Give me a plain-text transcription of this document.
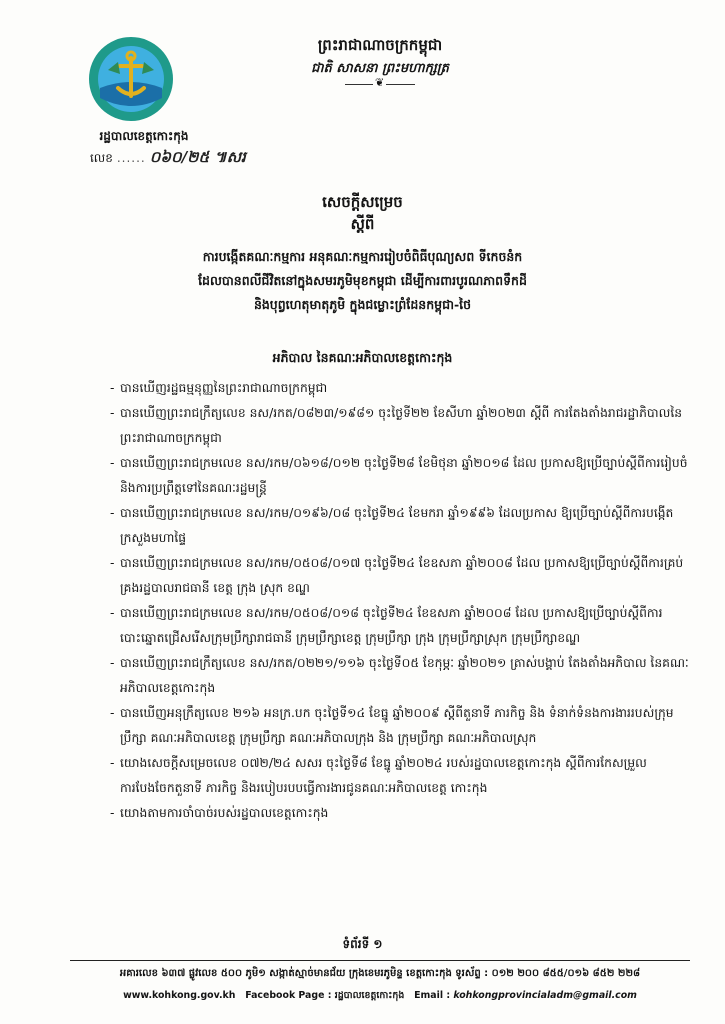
រដ្ឋបាលខេត្តកោះកុង
លេខ ...... ០៦០/២៥ ៕សរ
ព្រះរាជាណាចក្រកម្ពុជា
ជាតិ សាសនា ព្រះមហាក្សត្រ
❦
សេចក្តីសម្រេច
ស្តីពី
ការបង្កើតគណៈកម្មការ អនុគណៈកម្មការរៀបចំពិធីបុណ្យសព ទីកេចនំក
ដែលបានពលីជីវិតនៅក្នុងសមរភូមិមុខកម្ពុជា ដើម្បីការពារបូរណភាពទឹកដី
និងបុព្វហេតុមាតុភូមិ ក្នុងជម្លោះព្រំដែនកម្ពុជា-ថៃ
អភិបាល នៃគណៈអភិបាលខេត្តកោះកុង
- បានឃើញរដ្ឋធម្មនុញ្ញនៃព្រះរាជាណាចក្រកម្ពុជា
- បានឃើញព្រះរាជក្រឹត្យលេខ នស/រកត/០៨២៣/១៩៨១ ចុះថ្ងៃទី២២ ខែសីហា ឆ្នាំ២០២៣ ស្តីពី ការតែងតាំងរាជរដ្ឋាភិបាលនៃព្រះរាជាណាចក្រកម្ពុជា
- បានឃើញព្រះរាជក្រមលេខ នស/រកម/០៦១៨/០១២ ចុះថ្ងៃទី២៨ ខែមិថុនា ឆ្នាំ២០១៨ ដែល ប្រកាសឱ្យប្រើច្បាប់ស្តីពីការរៀបចំ និងការប្រព្រឹត្តទៅនៃគណៈរដ្ឋមន្ត្រី
- បានឃើញព្រះរាជក្រមលេខ នស/រកម/០១៩៦/០៨ ចុះថ្ងៃទី២៤ ខែមករា ឆ្នាំ១៩៩៦ ដែលប្រកាស ឱ្យប្រើច្បាប់ស្តីពីការបង្កើតក្រសួងមហាផ្ទៃ
- បានឃើញព្រះរាជក្រមលេខ នស/រកម/០៥០៨/០១៧ ចុះថ្ងៃទី២៤ ខែឧសភា ឆ្នាំ២០០៨ ដែល ប្រកាសឱ្យប្រើច្បាប់ស្តីពីការគ្រប់គ្រងរដ្ឋបាលរាជធានី ខេត្ត ក្រុង ស្រុក ខណ្ឌ
- បានឃើញព្រះរាជក្រមលេខ នស/រកម/០៥០៨/០១៨ ចុះថ្ងៃទី២៤ ខែឧសភា ឆ្នាំ២០០៨ ដែល ប្រកាសឱ្យប្រើច្បាប់ស្តីពីការបោះឆ្នោតជ្រើសរើសក្រុមប្រឹក្សារាជធានី ក្រុមប្រឹក្សាខេត្ត ក្រុមប្រឹក្សា ក្រុង ក្រុមប្រឹក្សាស្រុក ក្រុមប្រឹក្សាខណ្ឌ
- បានឃើញព្រះរាជក្រឹត្យលេខ នស/រកត/០២២១/១១៦ ចុះថ្ងៃទី០៥ ខែកុម្ភៈ ឆ្នាំ២០២១ ត្រាស់បង្គាប់ តែងតាំងអភិបាល នៃគណៈអភិបាលខេត្តកោះកុង
- បានឃើញអនុក្រឹត្យលេខ ២១៦ អនក្រ.បក ចុះថ្ងៃទី១៤ ខែធ្នូ ឆ្នាំ២០០៩ ស្តីពីតួនាទី ភារកិច្ច និង ទំនាក់ទំនងការងាររបស់ក្រុមប្រឹក្សា គណៈអភិបាលខេត្ត ក្រុមប្រឹក្សា គណៈអភិបាលក្រុង និង ក្រុមប្រឹក្សា គណៈអភិបាលស្រុក
- យោងសេចក្តីសម្រេចលេខ ០៧២/២៤ សសរ ចុះថ្ងៃទី៨ ខែធ្នូ ឆ្នាំ២០២៤ របស់រដ្ឋបាលខេត្តកោះកុង ស្តីពីការកែសម្រួល ការបែងចែកតួនាទី ភារកិច្ច និងរបៀបរបបធ្វើការងារជូនគណៈអភិបាលខេត្ត កោះកុង
- យោងតាមការចាំបាច់របស់រដ្ឋបាលខេត្តកោះកុង
ទំព័រទី ១
អគារលេខ ៦៣៧ ផ្លូវលេខ ៥០០ ភូមិ១ សង្កាត់ស្មាច់មានជ័យ ក្រុងខេមរភូមិន្ទ ខេត្តកោះកុង ទូរស័ព្ទ : ០១២ ២០០ ៨៥៥/០១៦ ៨៥២ ២២៨
www.kohkong.gov.kh Facebook Page : រដ្ឋបាលខេត្តកោះកុង Email : kohkongprovincialadm@gmail.com
